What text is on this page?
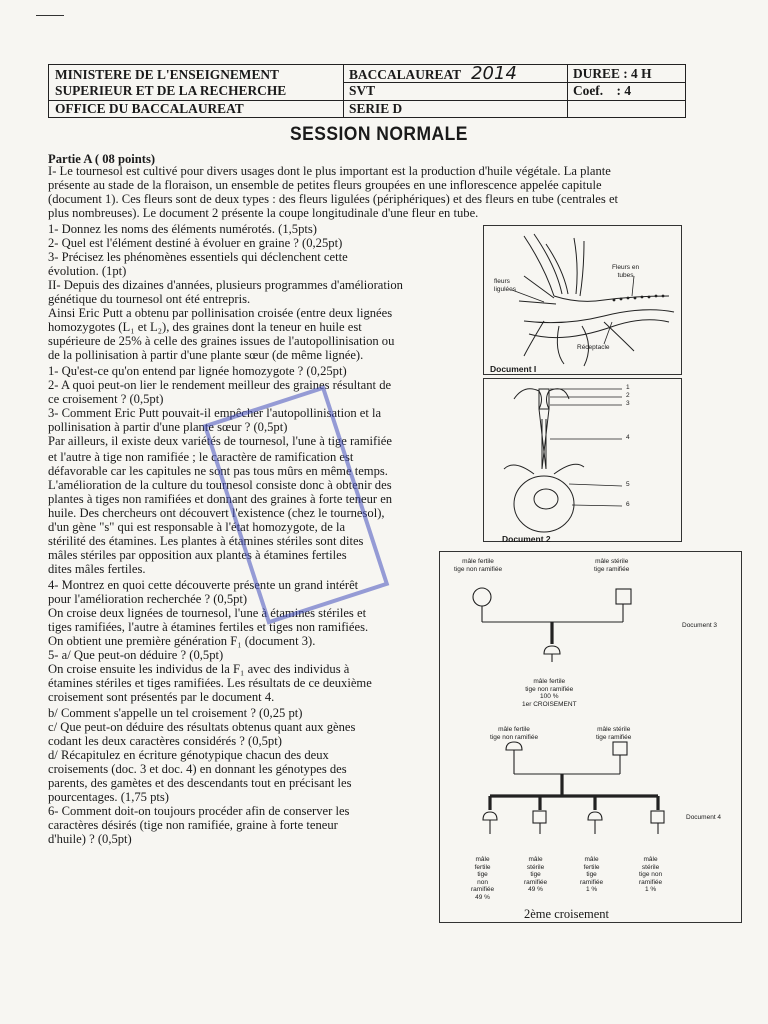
MINISTERE DE L'ENSEIGNEMENT
SUPERIEUR ET DE LA RECHERCHE
OFFICE DU BACCALAUREAT
BACCALAUREAT 2014
SVT
SERIE D
DUREE : 4 H
Coef.    : 4
SESSION NORMALE
Partie A ( 08 points)
I- Le tournesol est cultivé pour divers usages dont le plus important est la production d'huile végétale. La plante
présente au stade de la floraison, un ensemble de petites fleurs groupées en une inflorescence appelée capitule
(document 1). Ces fleurs sont de deux types : des fleurs ligulées (périphériques) et des fleurs en tube (centrales et
plus nombreuses). Le document 2 présente la coupe longitudinale d'une fleur en tube.
1- Donnez les noms des éléments numérotés. (1,5pts)
2- Quel est l'élément destiné à évoluer en graine ? (0,25pt)
3- Précisez les phénomènes essentiels qui déclenchent cette
évolution. (1pt)
II- Depuis des dizaines d'années, plusieurs programmes d'amélioration
génétique du tournesol ont été entrepris.
Ainsi Eric Putt a obtenu par pollinisation croisée (entre deux lignées
homozygotes (L₁ et L₂), des graines dont la teneur en huile est
supérieure de 25% à celle des graines issues de l'autopollinisation ou
de la pollinisation à partir d'une plante sœur (de même lignée).
1- Qu'est-ce qu'on entend par lignée homozygote ? (0,25pt)
2- A quoi peut-on lier le rendement meilleur des graines résultant de
ce croisement ? (0,5pt)
3- Comment Eric Putt pouvait-il empêcher l'autopollinisation et la
pollinisation à partir d'une plante sœur ? (0,5pt)
Par ailleurs, il existe deux variétés de tournesol, l'une à tige ramifiée
et l'autre à tige non ramifiée ; le caractère de ramification est
défavorable car les capitules ne sont pas tous mûrs en même temps.
L'amélioration de la culture du tournesol consiste donc à obtenir des
plantes à tiges non ramifiées et donnant des graines à forte teneur en
huile. Des chercheurs ont découvert l'existence (chez le tournesol),
d'un gène "s" qui est responsable à l'état homozygote, de la
stérilité des étamines. Les plantes à étamines stériles sont dites
mâles stériles par opposition aux plantes à étamines fertiles
dites mâles fertiles.
4- Montrez en quoi cette découverte présente un grand intérêt
pour l'amélioration recherchée ? (0,5pt)
On croise deux lignées de tournesol, l'une à étamines stériles et
tiges ramifiées, l'autre à étamines fertiles et tiges non ramifiées.
On obtient une première génération F₁ (document 3).
5- a/ Que peut-on déduire ? (0,5pt)
On croise ensuite les individus de la F₁ avec des individus à
étamines stériles et tiges ramifiées. Les résultats de ce deuxième
croisement sont présentés par le document 4.
b/ Comment s'appelle un tel croisement ? (0,25 pt)
c/ Que peut-on déduire des résultats obtenus quant aux gènes
codant les deux caractères considérés ? (0,5pt)
d/ Récapitulez en écriture génotypique chacun des deux
croisements (doc. 3 et doc. 4) en donnant les génotypes des
parents, des gamètes et des descendants tout en précisant les
pourcentages. (1,75 pts)
6- Comment doit-on toujours procéder afin de conserver les
caractères désirés (tige non ramifiée, graine à forte teneur
d'huile) ? (0,5pt)
fleurs
ligulées
Fleurs en
tubes
Réceptacle
Document I
1
2
3
4
5
6
Document 2
mâle fertile
tige non ramifiée
mâle stérile
tige ramifiée
Document 3
mâle fertile
tige non ramifiée
100 %
1er CROISEMENT
mâle fertile
tige non ramifiée
mâle stérile
tige ramifiée
Document 4
mâle
fertile
tige
non
ramifiée
49 %
mâle
stérile
tige
ramifiée
49 %
mâle
fertile
tige
ramifiée
1 %
mâle
stérile
tige non
ramifiée
1 %
2ème croisement
